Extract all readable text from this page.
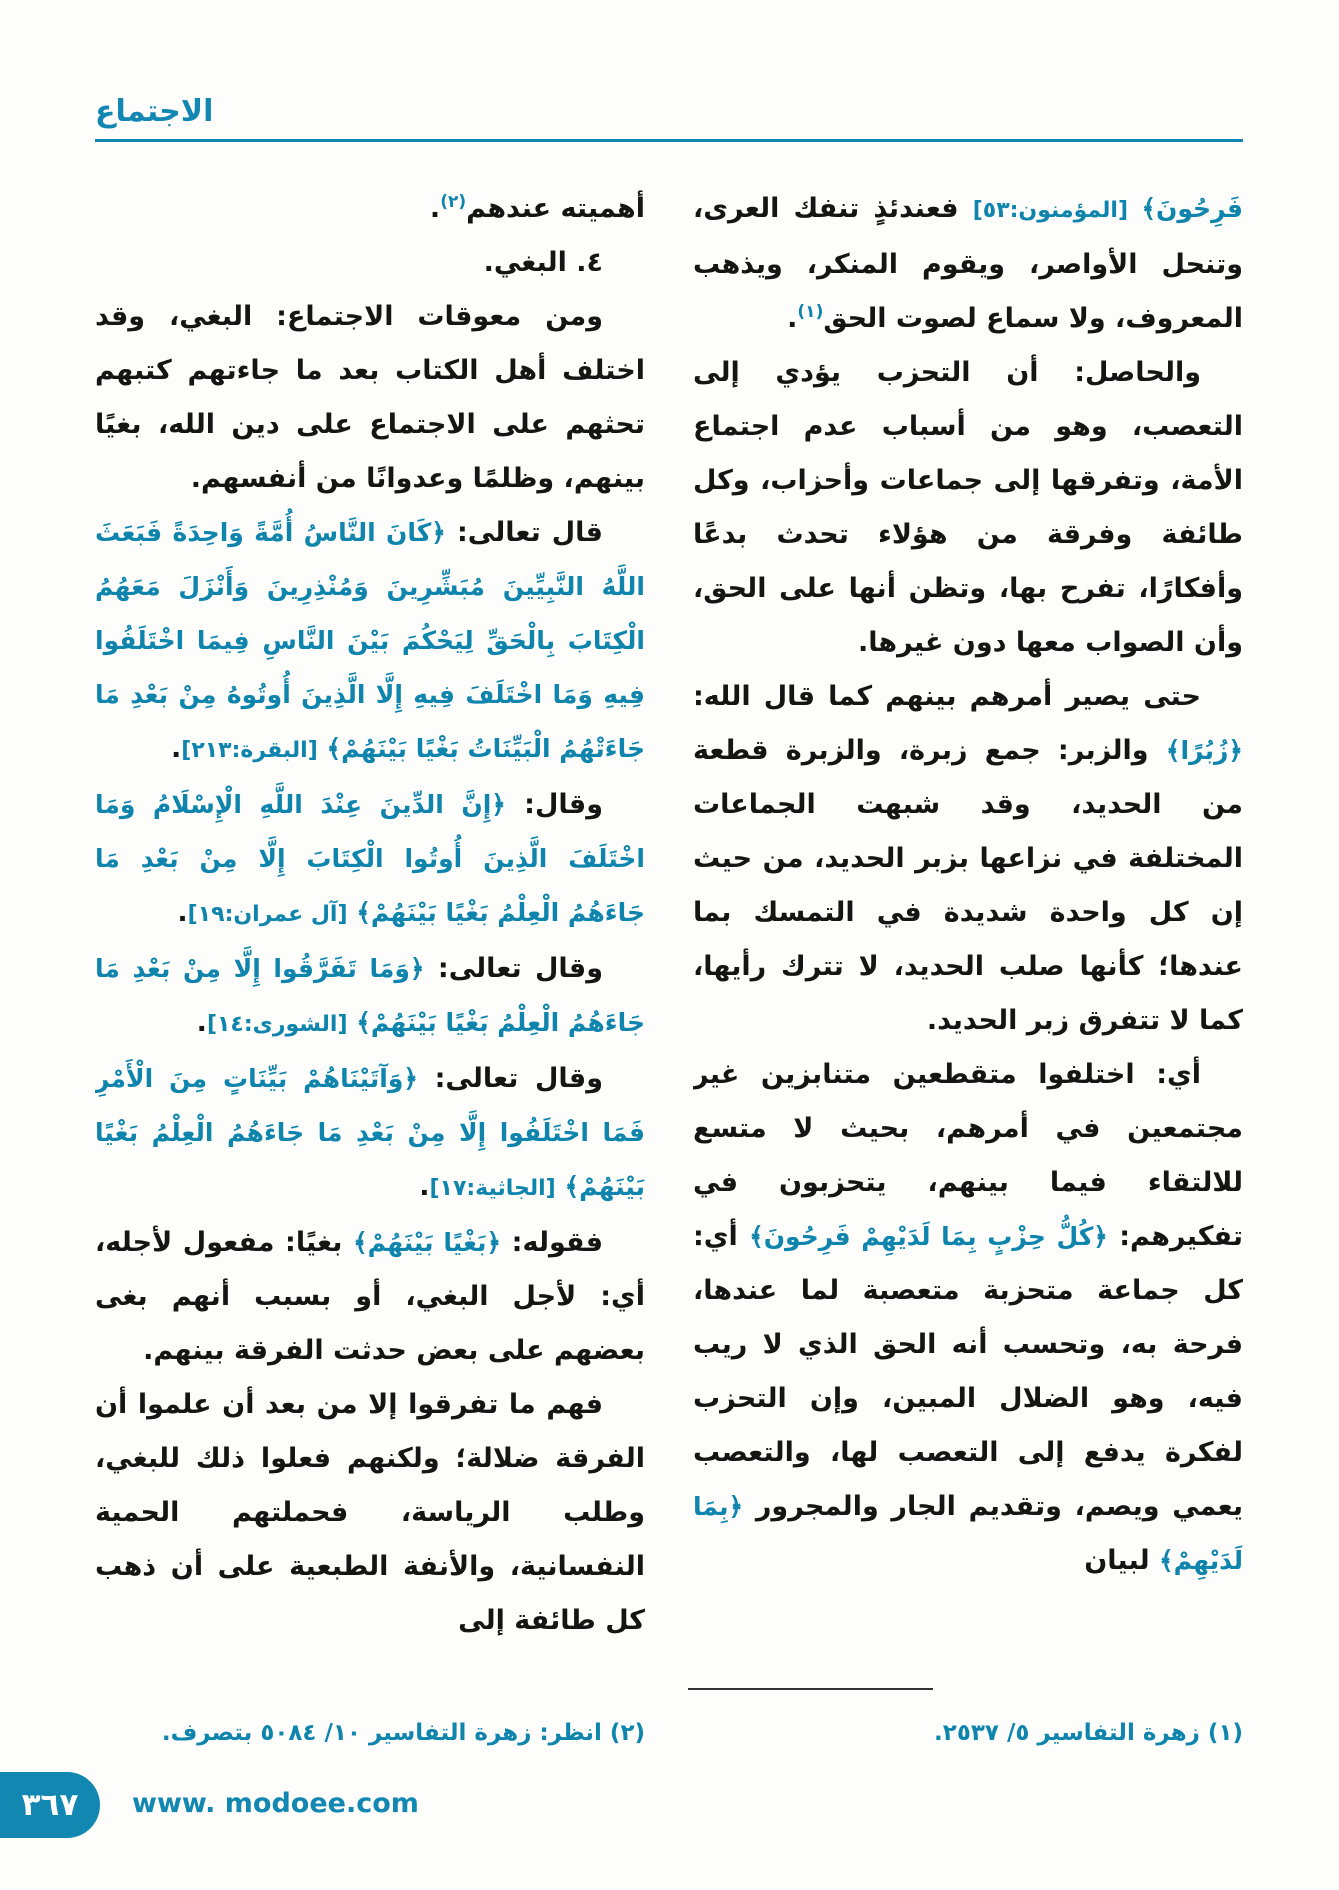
الاجتماع

فَرِحُونَ﴾ [المؤمنون:٥٣] فعندئذٍ تنفك العرى، وتنحل الأواصر، ويقوم المنكر، ويذهب المعروف، ولا سماع لصوت الحق$^{(١)}$.

والحاصل: أن التحزب يؤدي إلى التعصب، وهو من أسباب عدم اجتماع الأمة، وتفرقها إلى جماعات وأحزاب، وكل طائفة وفرقة من هؤلاء تحدث بدعًا وأفكارًا، تفرح بها، وتظن أنها على الحق، وأن الصواب معها دون غيرها.

حتى يصير أمرهم بينهم كما قال الله: ﴿زُبُرًا﴾ والزبر: جمع زبرة، والزبرة قطعة من الحديد، وقد شبهت الجماعات المختلفة في نزاعها بزبر الحديد، من حيث إن كل واحدة شديدة في التمسك بما عندها؛ كأنها صلب الحديد، لا تترك رأيها، كما لا تتفرق زبر الحديد.

أي: اختلفوا متقطعين متنابزين غير مجتمعين في أمرهم، بحيث لا متسع للالتقاء فيما بينهم، يتحزبون في تفكيرهم: ﴿كُلُّ حِزْبٍ بِمَا لَدَيْهِمْ فَرِحُونَ﴾ أي: كل جماعة متحزبة متعصبة لما عندها، فرحة به، وتحسب أنه الحق الذي لا ريب فيه، وهو الضلال المبين، وإن التحزب لفكرة يدفع إلى التعصب لها، والتعصب يعمي ويصم، وتقديم الجار والمجرور ﴿بِمَا لَدَيْهِمْ﴾ لبيان

أهميته عندهم$^{(٢)}$.

٤. البغي.

ومن معوقات الاجتماع: البغي، وقد اختلف أهل الكتاب بعد ما جاءتهم كتبهم تحثهم على الاجتماع على دين الله، بغيًا بينهم، وظلمًا وعدوانًا من أنفسهم.

قال تعالى: ﴿كَانَ النَّاسُ أُمَّةً وَاحِدَةً فَبَعَثَ اللَّهُ النَّبِيِّينَ مُبَشِّرِينَ وَمُنْذِرِينَ وَأَنْزَلَ مَعَهُمُ الْكِتَابَ بِالْحَقِّ لِيَحْكُمَ بَيْنَ النَّاسِ فِيمَا اخْتَلَفُوا فِيهِ وَمَا اخْتَلَفَ فِيهِ إِلَّا الَّذِينَ أُوتُوهُ مِنْ بَعْدِ مَا جَاءَتْهُمُ الْبَيِّنَاتُ بَغْيًا بَيْنَهُمْ﴾ [البقرة:٢١٣].

وقال: ﴿إِنَّ الدِّينَ عِنْدَ اللَّهِ الْإِسْلَامُ وَمَا اخْتَلَفَ الَّذِينَ أُوتُوا الْكِتَابَ إِلَّا مِنْ بَعْدِ مَا جَاءَهُمُ الْعِلْمُ بَغْيًا بَيْنَهُمْ﴾ [آل عمران:١٩].

وقال تعالى: ﴿وَمَا تَفَرَّقُوا إِلَّا مِنْ بَعْدِ مَا جَاءَهُمُ الْعِلْمُ بَغْيًا بَيْنَهُمْ﴾ [الشورى:١٤].

وقال تعالى: ﴿وَآتَيْنَاهُمْ بَيِّنَاتٍ مِنَ الْأَمْرِ فَمَا اخْتَلَفُوا إِلَّا مِنْ بَعْدِ مَا جَاءَهُمُ الْعِلْمُ بَغْيًا بَيْنَهُمْ﴾ [الجاثية:١٧].

فقوله: ﴿بَغْيًا بَيْنَهُمْ﴾ بغيًا: مفعول لأجله، أي: لأجل البغي، أو بسبب أنهم بغى بعضهم على بعض حدثت الفرقة بينهم.

فهم ما تفرقوا إلا من بعد أن علموا أن الفرقة ضلالة؛ ولكنهم فعلوا ذلك للبغي، وطلب الرياسة، فحملتهم الحمية النفسانية، والأنفة الطبعية على أن ذهب كل طائفة إلى

(١) زهرة التفاسير ٥/ ٢٥٣٧.
(٢) انظر: زهرة التفاسير ١٠/ ٥٠٨٤ بتصرف.
٣٦٧ www. modoee.com
